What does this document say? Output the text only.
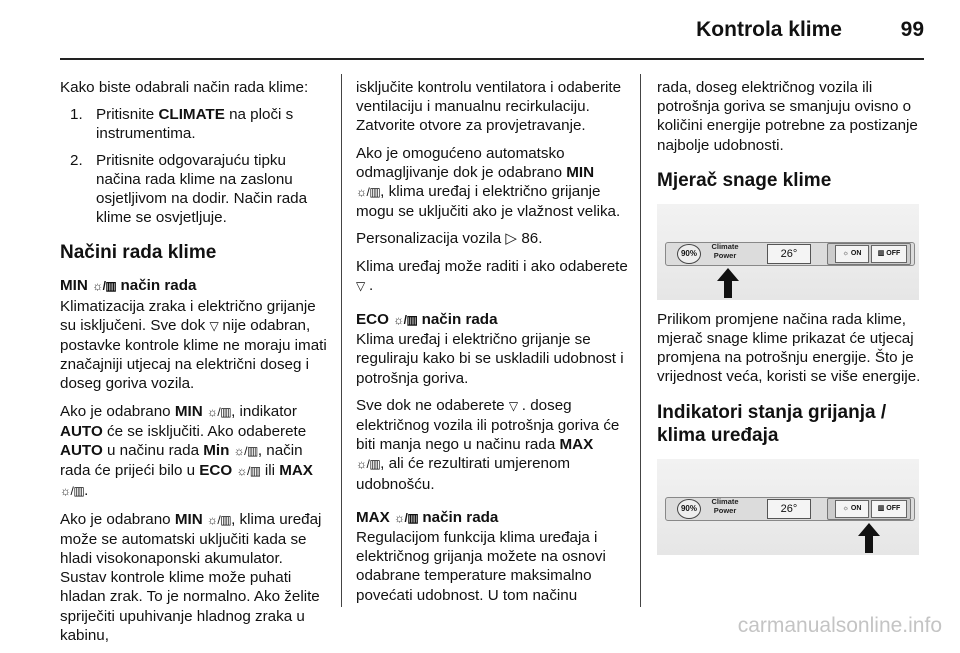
Kontrola klime	99

Kako biste odabrali način rada klime:

1. Pritisnite CLIMATE na ploči s instrumentima.
2. Pritisnite odgovarajuću tipku načina rada klime na zaslonu osjetljivom na dodir. Način rada klime se osvjetljuje.
Načini rada klime
MIN ☼/▥ način rada

Klimatizacija zraka i električno grijanje su isključeni. Sve dok ▽ nije odabran, postavke kontrole klime ne moraju imati značajniji utjecaj na električni doseg i doseg goriva vozila.

Ako je odabrano MIN ☼/▥, indikator
AUTO će se isključiti. Ako odaberete
AUTO u načinu rada Min ☼/▥, način rada će prijeći bilo u ECO ☼/▥ ili MAX
☼/▥.

Ako je odabrano MIN ☼/▥, klima uređaj može se automatski uključiti kada se hladi visokonaponski akumulator. Sustav kontrole klime može puhati hladan zrak. To je normalno. Ako želite spriječiti upuhivanje hladnog zraka u kabinu,

isključite kontrolu ventilatora i odaberite ventilaciju i manualnu recirkulaciju. Zatvorite otvore za provjetravanje.

Ako je omogućeno automatsko odmagljivanje dok je odabrano MIN
☼/▥, klima uređaj i električno grijanje mogu se uključiti ako je vlažnost velika.

Personalizacija vozila ▷ 86.

Klima uređaj može raditi i ako odaberete ▽ .

ECO ☼/▥ način rada

Klima uređaj i električno grijanje se reguliraju kako bi se uskladili udobnost i potrošnja goriva.

Sve dok ne odaberete ▽ . doseg električnog vozila ili potrošnja goriva će biti manja nego u načinu rada MAX
☼/▥, ali će rezultirati umjerenom udobnošću.

MAX ☼/▥ način rada

Regulacijom funkcija klima uređaja i električnog grijanja možete na osnovi odabrane temperature maksimalno povećati udobnost. U tom načinu

rada, doseg električnog vozila ili potrošnja goriva se smanjuju ovisno o količini energije potrebne za postizanje najbolje udobnosti.

Mjerač snage klime
90%
Climate
Power	26°	☼ ON	▥ OFF

Prilikom promjene načina rada klime, mjerač snage klime prikazat će utjecaj promjena na potrošnju energije. Što je vrijednost veća, koristi se više energije.

Indikatori stanja grijanja / klima uređaja
90%
Climate
Power	26°	☼ ON	▥ OFF
carmanualsonline.info
